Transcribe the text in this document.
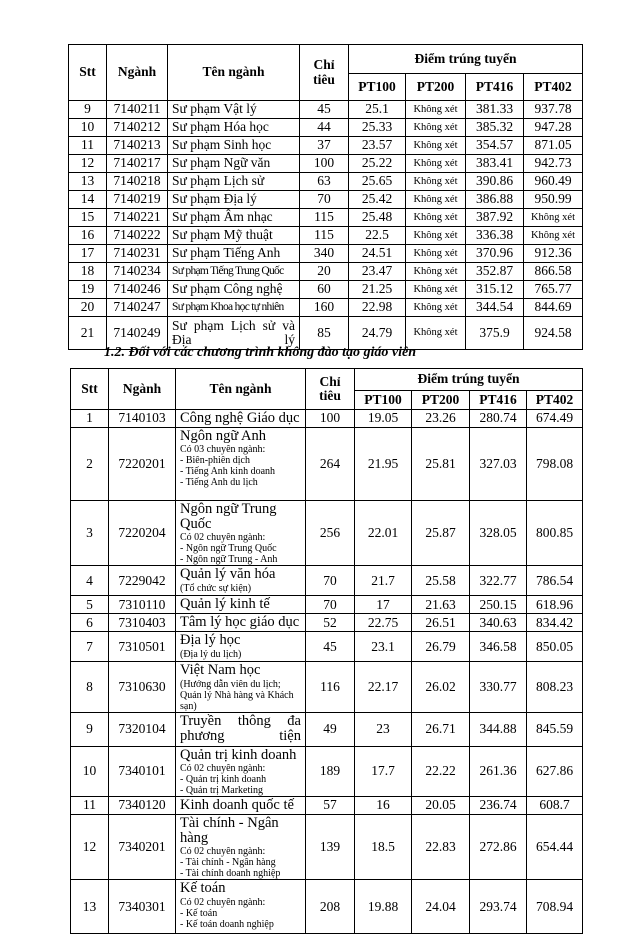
Stt	Ngành	Tên ngành	Chỉ tiêu	Điểm trúng tuyển			
				PT100	PT200	PT416	PT402
9	7140211	Sư phạm Vật lý	45	25.1	Không xét	381.33	937.78
10	7140212	Sư phạm Hóa học	44	25.33	Không xét	385.32	947.28
11	7140213	Sư phạm Sinh học	37	23.57	Không xét	354.57	871.05
12	7140217	Sư phạm Ngữ văn	100	25.22	Không xét	383.41	942.73
13	7140218	Sư phạm Lịch sử	63	25.65	Không xét	390.86	960.49
14	7140219	Sư phạm Địa lý	70	25.42	Không xét	386.88	950.99
15	7140221	Sư phạm Âm nhạc	115	25.48	Không xét	387.92	Không xét
16	7140222	Sư phạm Mỹ thuật	115	22.5	Không xét	336.38	Không xét
17	7140231	Sư phạm Tiếng Anh	340	24.51	Không xét	370.96	912.36
18	7140234	Sư phạm Tiếng Trung Quốc	20	23.47	Không xét	352.87	866.58
19	7140246	Sư phạm Công nghệ	60	21.25	Không xét	315.12	765.77
20	7140247	Sư phạm Khoa học tự nhiên	160	22.98	Không xét	344.54	844.69
21	7140249	Sư phạm Lịch sử và Địa lý	85	24.79	Không xét	375.9	924.58
1.2. Đối với các chương trình không đào tạo giáo viên
Stt	Ngành	Tên ngành	Chỉ tiêu	Điểm trúng tuyển			
				PT100	PT200	PT416	PT402
1	7140103	Công nghệ Giáo dục	100	19.05	23.26	280.74	674.49
2	7220201	Ngôn ngữ Anh
Có 03 chuyên ngành:
- Biên-phiên dịch
- Tiếng Anh kinh doanh
- Tiếng Anh du lịch	264	21.95	25.81	327.03	798.08
3	7220204	Ngôn ngữ Trung Quốc
Có 02 chuyên ngành:
- Ngôn ngữ Trung Quốc
- Ngôn ngữ Trung - Anh	256	22.01	25.87	328.05	800.85
4	7229042	Quản lý văn hóa
(Tổ chức sự kiện)	70	21.7	25.58	322.77	786.54
5	7310110	Quản lý kinh tế	70	17	21.63	250.15	618.96
6	7310403	Tâm lý học giáo dục	52	22.75	26.51	340.63	834.42
7	7310501	Địa lý học
(Địa lý du lịch)	45	23.1	26.79	346.58	850.05
8	7310630	Việt Nam học
(Hướng dẫn viên du lịch;
Quản lý Nhà hàng và Khách sạn)	116	22.17	26.02	330.77	808.23
9	7320104	Truyền thông đa phương tiện	49	23	26.71	344.88	845.59
10	7340101	Quản trị kinh doanh
Có 02 chuyên ngành:
- Quản trị kinh doanh
- Quản trị Marketing	189	17.7	22.22	261.36	627.86
11	7340120	Kinh doanh quốc tế	57	16	20.05	236.74	608.7
12	7340201	Tài chính - Ngân hàng
Có 02 chuyên ngành:
- Tài chính - Ngân hàng
- Tài chính doanh nghiệp	139	18.5	22.83	272.86	654.44
13	7340301	Kế toán
Có 02 chuyên ngành:
- Kế toán
- Kế toán doanh nghiệp	208	19.88	24.04	293.74	708.94
